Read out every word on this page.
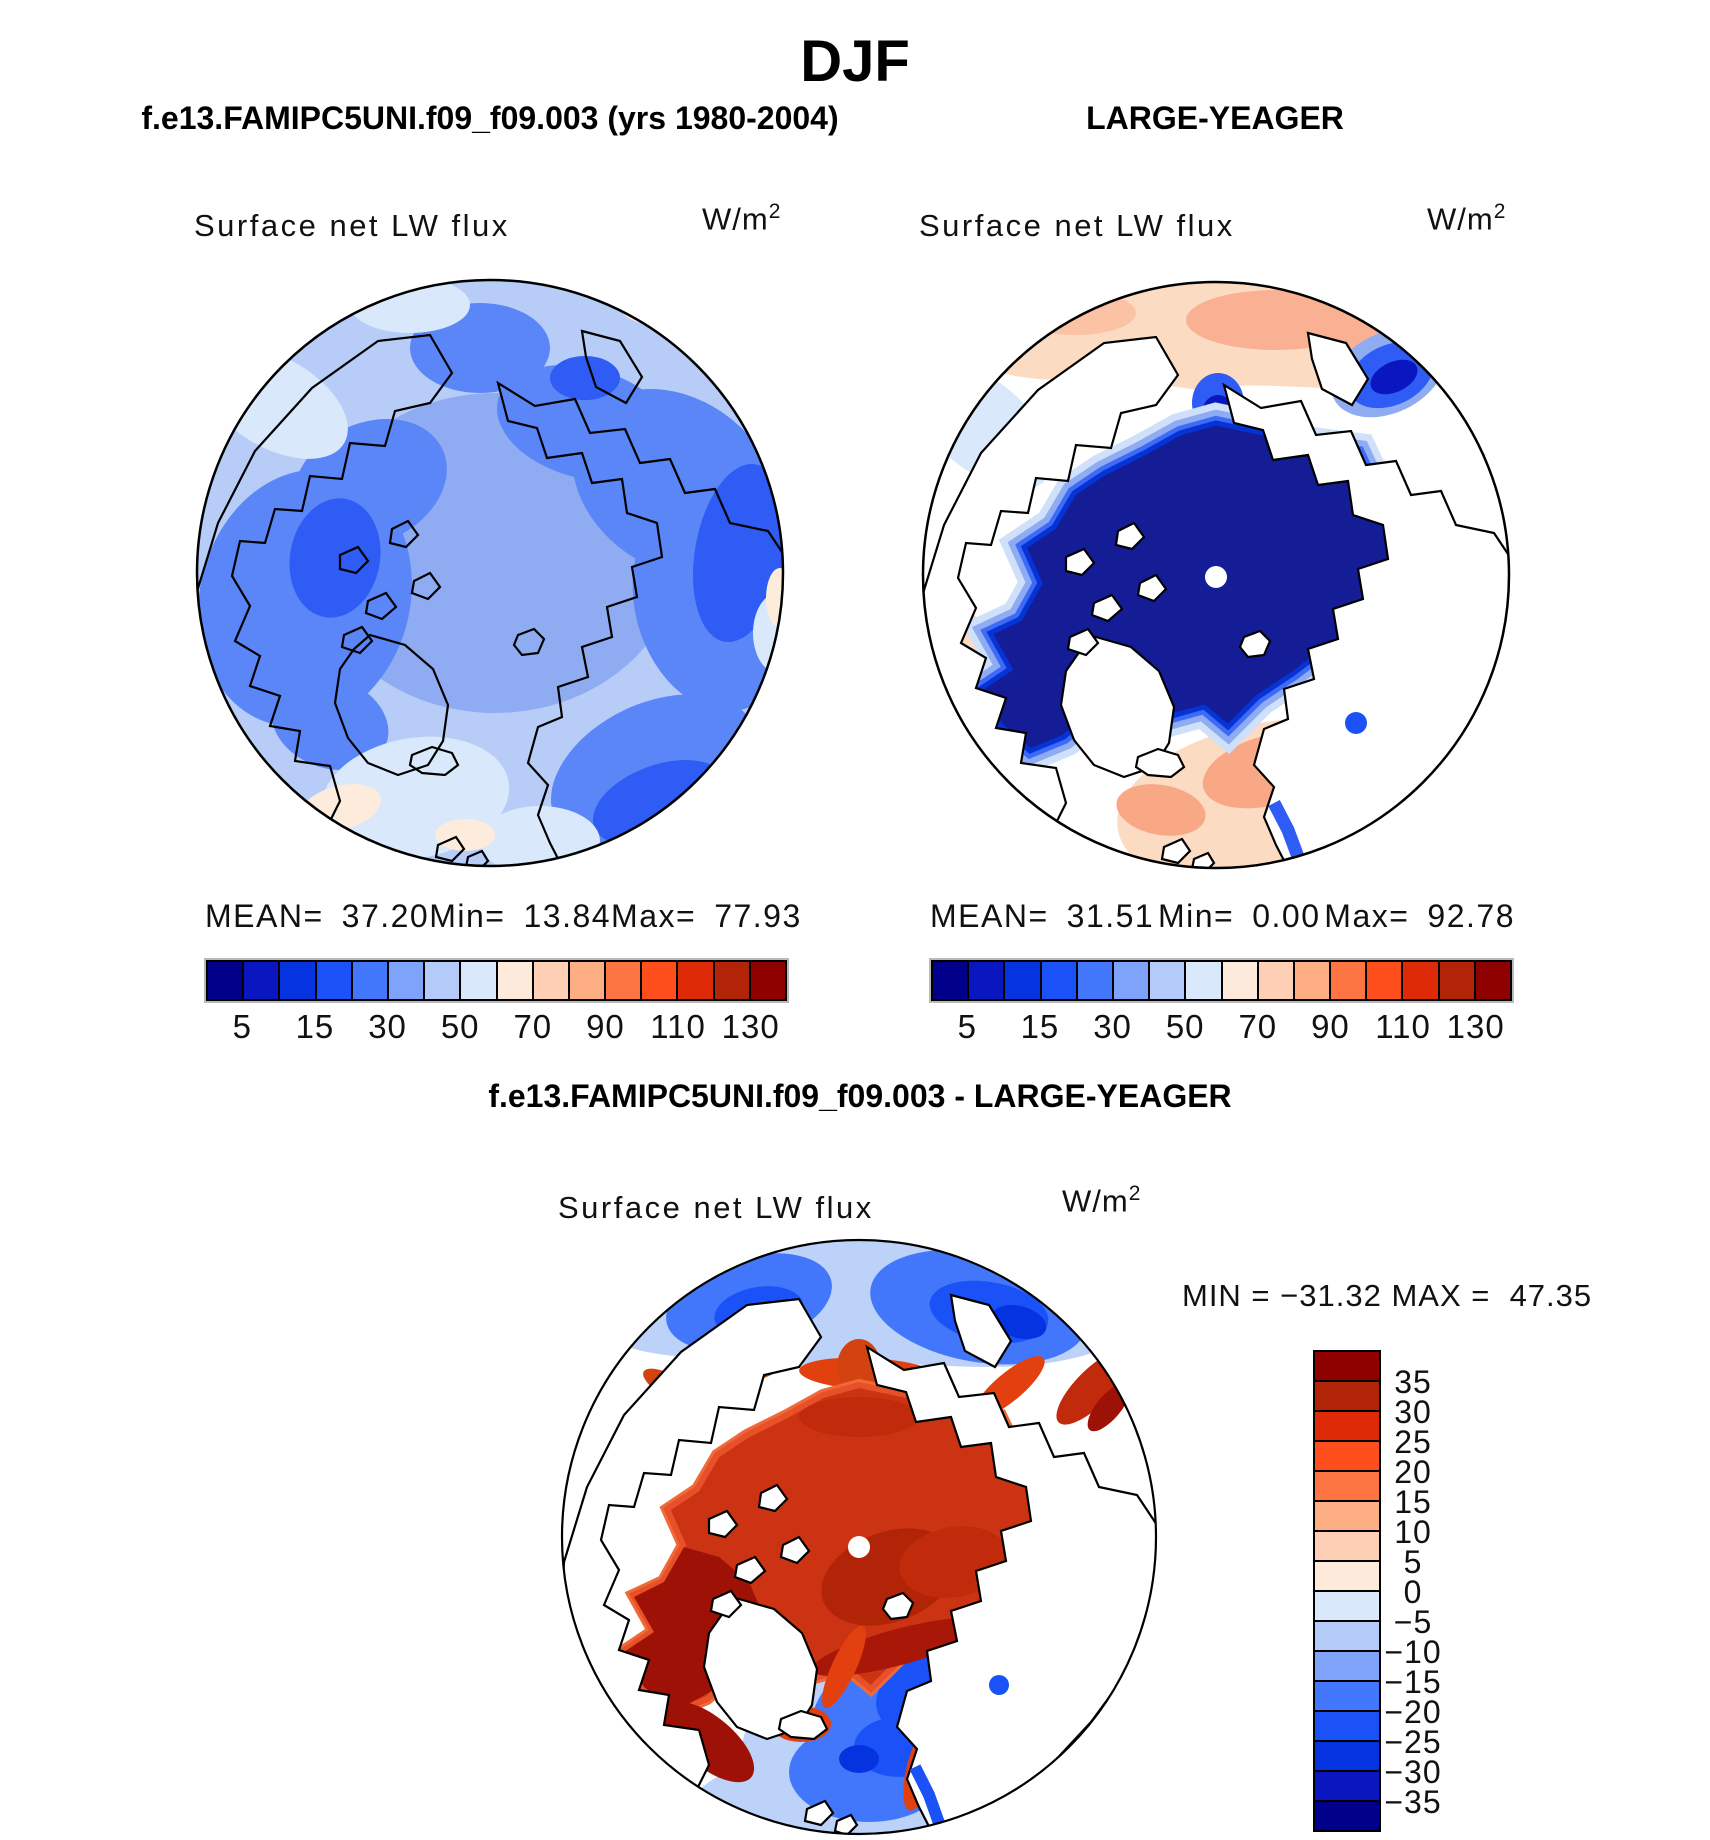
DJF
f.e13.FAMIPC5UNI.f09_f09.003 (yrs 1980-2004)	LARGE-YEAGER
Surface net LW flux	$W/m^2$	Surface net LW flux	$W/m^2$
MEAN= 37.20 Min= 13.84 Max= 77.93	MEAN= 31.51 Min= 0.00 Max= 92.78
5	15	30	50	70	90 110 130	5	15	30	50	70	90 110 130
f.e13.FAMIPC5UNI.f09_f09.003 - LARGE-YEAGER
Surface net LW flux	$W/m^2$
MIN = −31.32 MAX =  47.35
35
30
25
20
15
10
5
0
−5
−10
−15
−20
−25
−30
−35
